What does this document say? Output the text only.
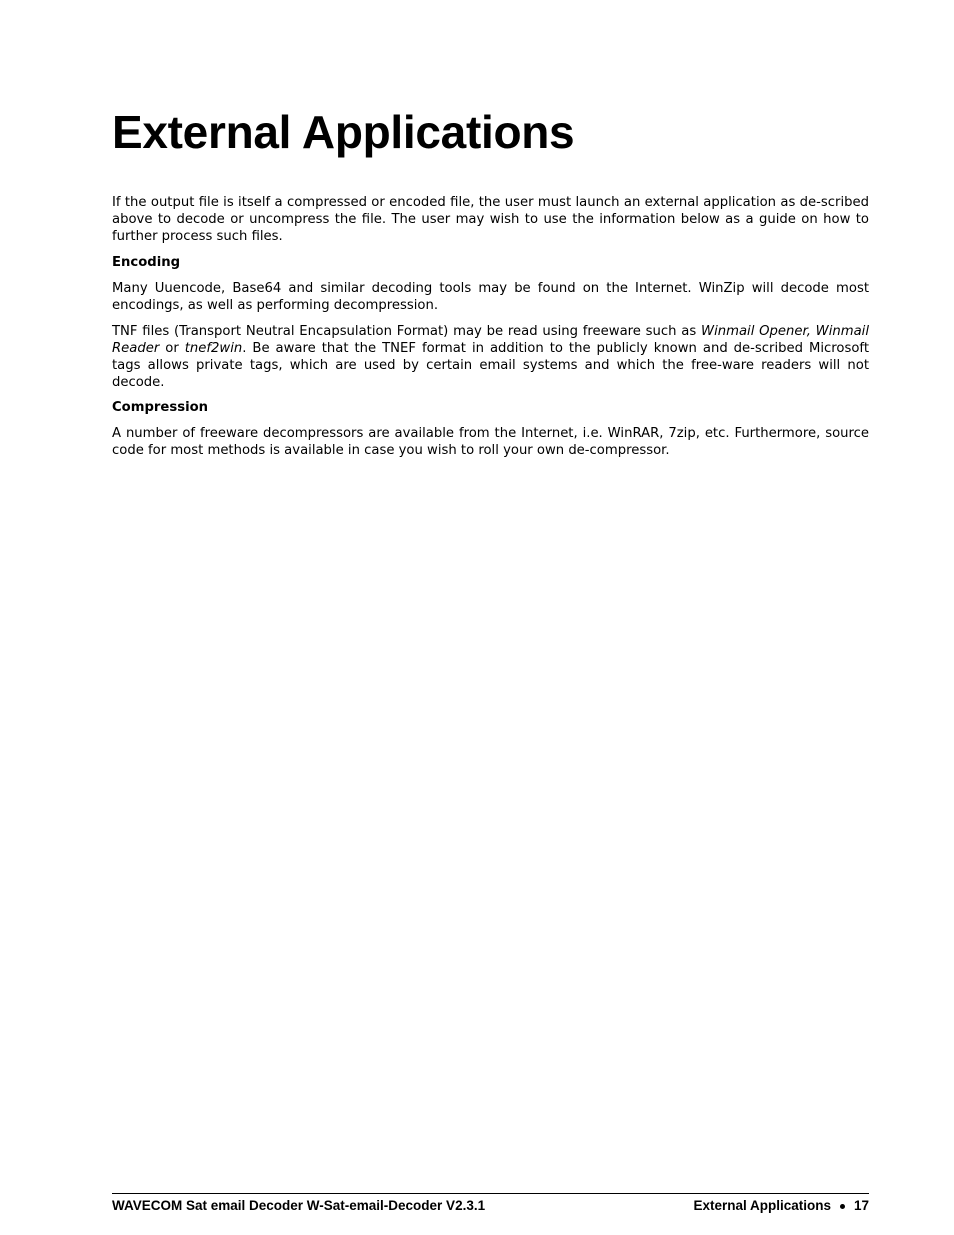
External Applications

If the output file is itself a compressed or encoded file, the user must launch an external application as de-scribed above to decode or uncompress the file. The user may wish to use the information below as a guide on how to further process such files.

Encoding

Many Uuencode, Base64 and similar decoding tools may be found on the Internet. WinZip will decode most encodings, as well as performing decompression.

TNF files (Transport Neutral Encapsulation Format) may be read using freeware such as Winmail Opener, Winmail Reader or tnef2win. Be aware that the TNEF format in addition to the publicly known and de-scribed Microsoft tags allows private tags, which are used by certain email systems and which the free-ware readers will not decode.

Compression

A number of freeware decompressors are available from the Internet, i.e. WinRAR, 7zip, etc. Furthermore, source code for most methods is available in case you wish to roll your own de-compressor.

WAVECOM Sat email Decoder W-Sat-email-Decoder V2.3.1	External Applications 17
